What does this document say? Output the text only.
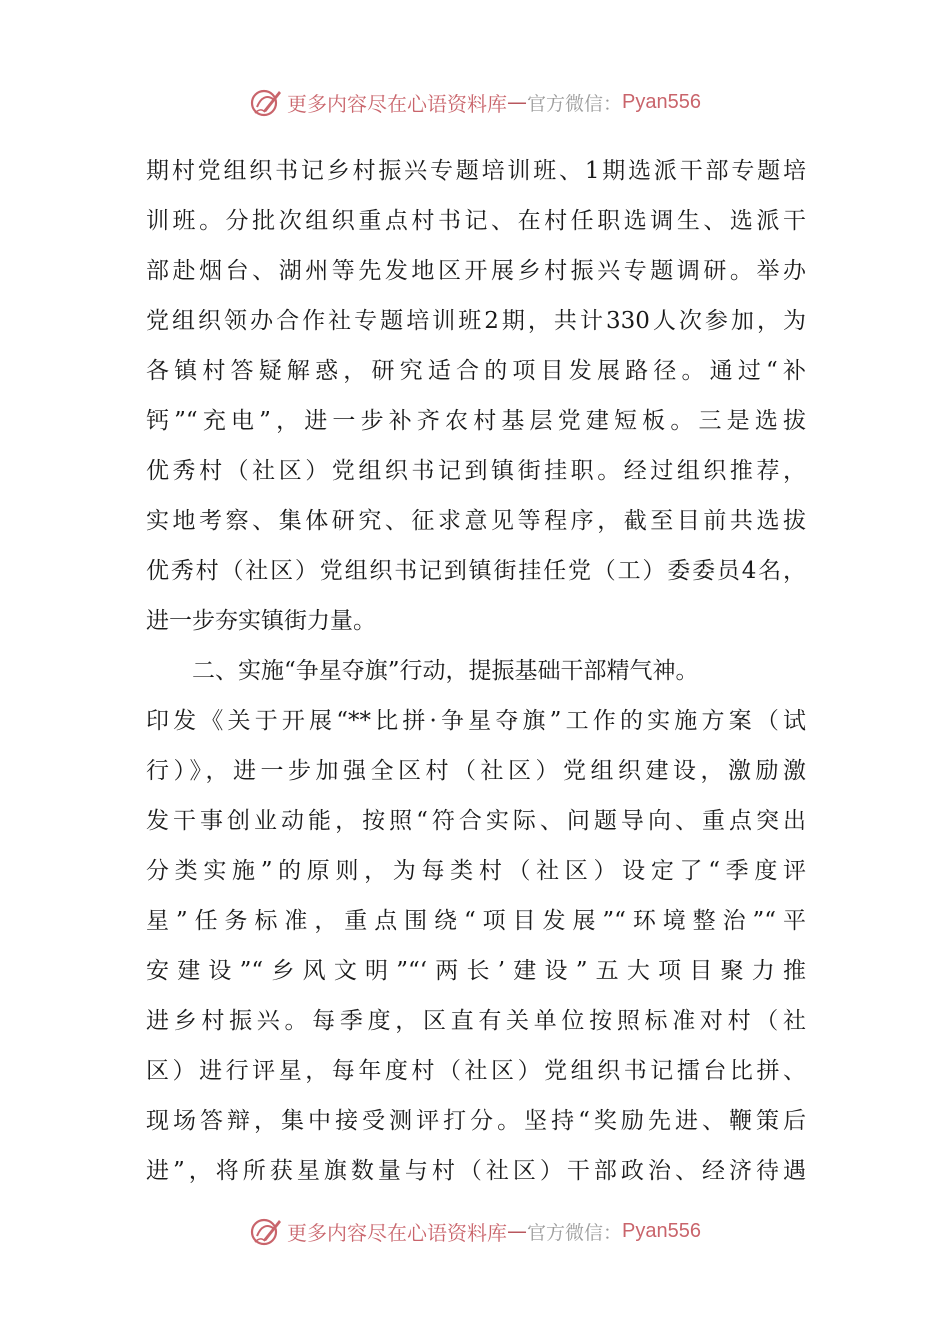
更多内容尽在心语资料库 — 官方微信： Pyan556
期村党组织书记乡村振兴专题培训班、1期选派干部专题培
训班。分批次组织重点村书记、在村任职选调生、选派干
部赴烟台、湖州等先发地区开展乡村振兴专题调研。举办
党组织领办合作社专题培训班2期，共计330人次参加，为
各镇村答疑解惑，研究适合的项目发展路径。通过“补
钙”“充电”，进一步补齐农村基层党建短板。三是选拔
优秀村（社区）党组织书记到镇街挂职。经过组织推荐，
实地考察、集体研究、征求意见等程序，截至目前共选拔
优秀村（社区）党组织书记到镇街挂任党（工）委委员4名，
进一步夯实镇街力量。
二、实施“争星夺旗”行动，提振基础干部精气神。
印发《关于开展“**比拼·争星夺旗”工作的实施方案（试
行）》，进一步加强全区村（社区）党组织建设，激励激
发干事创业动能，按照“符合实际、问题导向、重点突出
分类实施”的原则，为每类村（社区）设定了“季度评
星”任务标准，重点围绕“项目发展”“环境整治”“平
安建设”“乡风文明”“‘两长’建设”五大项目聚力推
进乡村振兴。每季度，区直有关单位按照标准对村（社
区）进行评星，每年度村（社区）党组织书记擂台比拼、
现场答辩，集中接受测评打分。坚持“奖励先进、鞭策后
进”，将所获星旗数量与村（社区）干部政治、经济待遇
更多内容尽在心语资料库 — 官方微信： Pyan556
